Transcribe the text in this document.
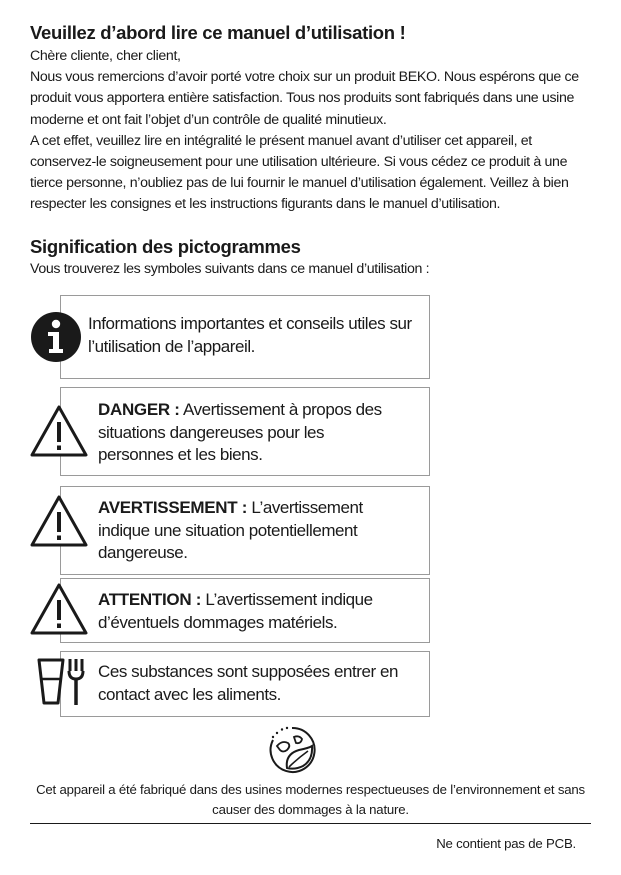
Veuillez d’abord lire ce manuel d’utilisation !

Chère cliente, cher client,

Nous vous remercions d’avoir porté votre choix sur un produit BEKO. Nous espérons que ce produit vous apportera entière satisfaction. Tous nos produits sont fabriqués dans une usine moderne et ont fait l’objet d’un contrôle de qualité minutieux.

A cet effet, veuillez lire en intégralité le présent manuel avant d’utiliser cet appareil, et conservez-le soigneusement pour une utilisation ultérieure. Si vous cédez ce produit à une tierce personne, n’oubliez pas de lui fournir le manuel d’utilisation également. Veillez à bien respecter les consignes et les instructions figurants dans le manuel d’utilisation.

Signification des pictogrammes
Vous trouverez les symboles suivants dans ce manuel d’utilisation :
Informations importantes et conseils utiles sur l’utilisation de l’appareil.
DANGER : Avertissement à propos des situations dangereuses pour les personnes et les biens.
AVERTISSEMENT : L’avertissement indique une situation potentiellement dangereuse.
ATTENTION : L’avertissement indique d’éventuels dommages matériels.
Ces substances sont supposées entrer en contact avec les aliments.
Cet appareil a été fabriqué dans des usines modernes respectueuses de l’environnement et sans causer des dommages à la nature.
Ne contient pas de PCB.
